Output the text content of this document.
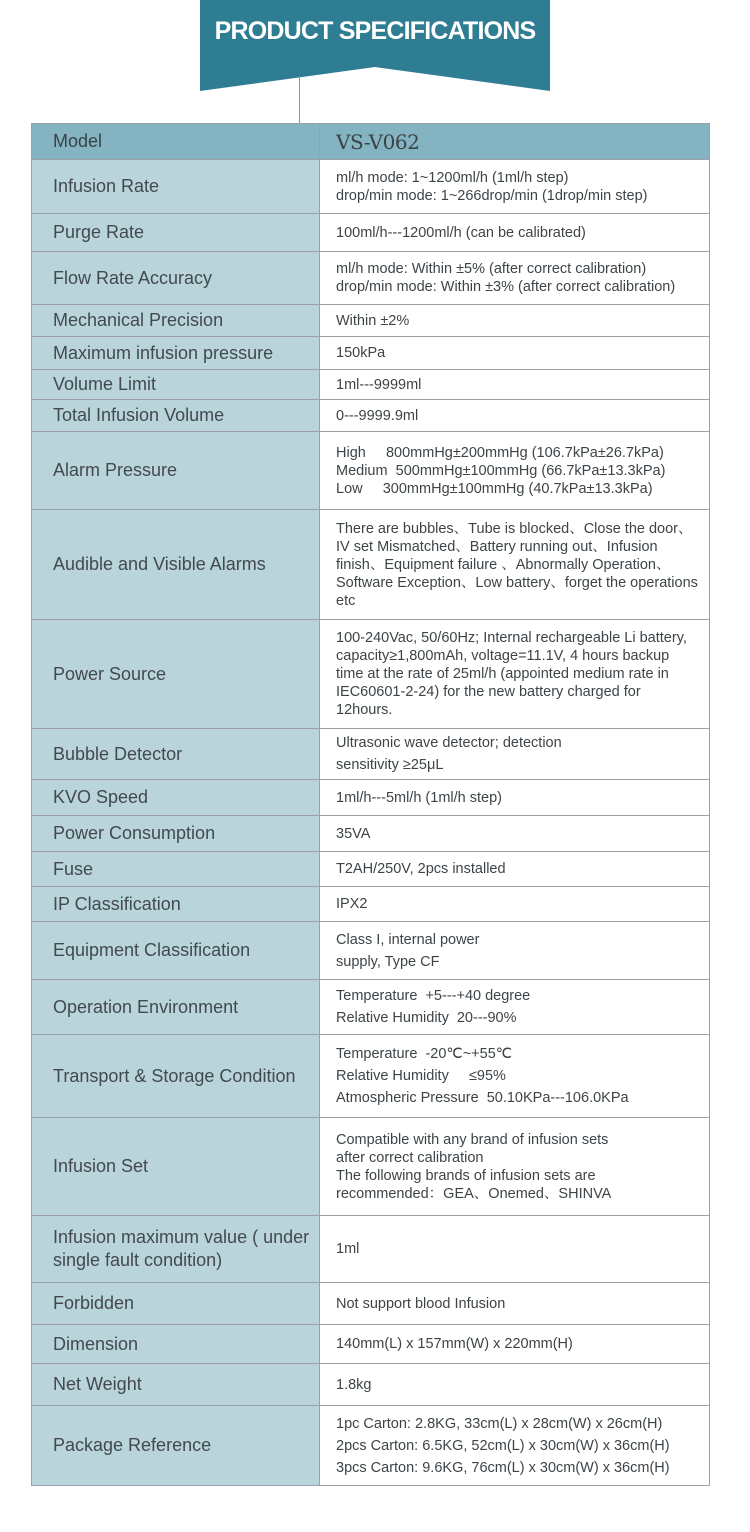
PRODUCT SPECIFICATIONS
Model	VS-V062
Infusion Rate	ml/h mode: 1~1200ml/h (1ml/h step)
drop/min mode: 1~266drop/min (1drop/min step)

Purge Rate	100ml/h---1200ml/h (can be calibrated)

Flow Rate Accuracy	ml/h mode: Within ±5% (after correct calibration)
drop/min mode: Within ±3% (after correct calibration)

Mechanical Precision	Within ±2%

Maximum infusion pressure	150kPa

Volume Limit	1ml---9999ml

Total Infusion Volume	0---9999.9ml

Alarm Pressure	High     800mmHg±200mmHg (106.7kPa±26.7kPa)
Medium  500mmHg±100mmHg (66.7kPa±13.3kPa)
Low     300mmHg±100mmHg (40.7kPa±13.3kPa)

Audible and Visible Alarms	There are bubbles、Tube is blocked、Close the door、IV set Mismatched、Battery running out、Infusion finish、Equipment failure 、Abnormally Operation、Software Exception、Low battery、forget the operations etc

Power Source	100-240Vac, 50/60Hz; Internal rechargeable Li battery, capacity≥1,800mAh, voltage=11.1V, 4 hours backup time at the rate of 25ml/h (appointed medium rate in IEC60601-2-24) for the new battery charged for 12hours.

Bubble Detector	Ultrasonic wave detector; detection
sensitivity ≥25μL

KVO Speed	1ml/h---5ml/h (1ml/h step)

Power Consumption	35VA

Fuse	T2AH/250V, 2pcs installed

IP Classification	IPX2

Equipment Classification	Class I, internal power
supply, Type CF

Operation Environment	Temperature  +5---+40 degree
Relative Humidity  20---90%

Transport & Storage Condition	Temperature  -20℃~+55℃
Relative Humidity     ≤95%
Atmospheric Pressure  50.10KPa---106.0KPa

Infusion Set	Compatible with any brand of infusion sets
after correct calibration
The following brands of infusion sets are
recommended：GEA、Onemed、SHINVA

Infusion maximum value ( under single fault condition)	1ml

Forbidden	Not support blood Infusion

Dimension	140mm(L) x 157mm(W) x 220mm(H)

Net Weight	1.8kg

Package Reference	1pc Carton: 2.8KG, 33cm(L) x 28cm(W) x 26cm(H)
2pcs Carton: 6.5KG, 52cm(L) x 30cm(W) x 36cm(H)
3pcs Carton: 9.6KG, 76cm(L) x 30cm(W) x 36cm(H)
